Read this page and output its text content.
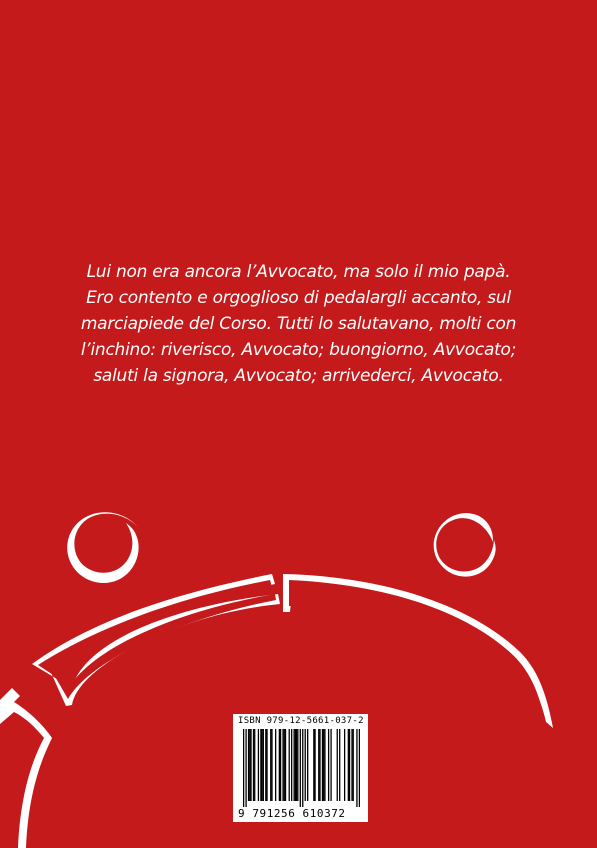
Lui non era ancora l’Avvocato, ma solo il mio papà.
Ero contento e orgoglioso di pedalargli accanto, sul
marciapiede del Corso. Tutti lo salutavano, molti con
l’inchino: riverisco, Avvocato; buongiorno, Avvocato;
saluti la signora, Avvocato; arrivederci, Avvocato.

ISBN 979-12-5661-037-2
9 791256 610372
